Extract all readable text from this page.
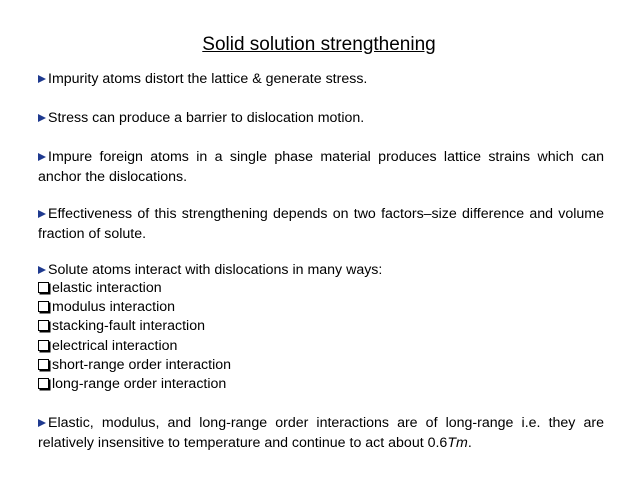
Solid solution strengthening
Impurity atoms distort the lattice & generate stress.
Stress can produce a barrier to dislocation motion.
Impure foreign atoms in a single phase material produces lattice strains which can anchor the dislocations.
Effectiveness of this strengthening depends on two factors–size difference and volume fraction of solute.
Solute atoms interact with dislocations in many ways:
elastic interaction
modulus interaction
stacking-fault interaction
electrical interaction
short-range order interaction
long-range order interaction
Elastic, modulus, and long-range order interactions are of long-range i.e. they are relatively insensitive to temperature and continue to act about 0.6Tm.
